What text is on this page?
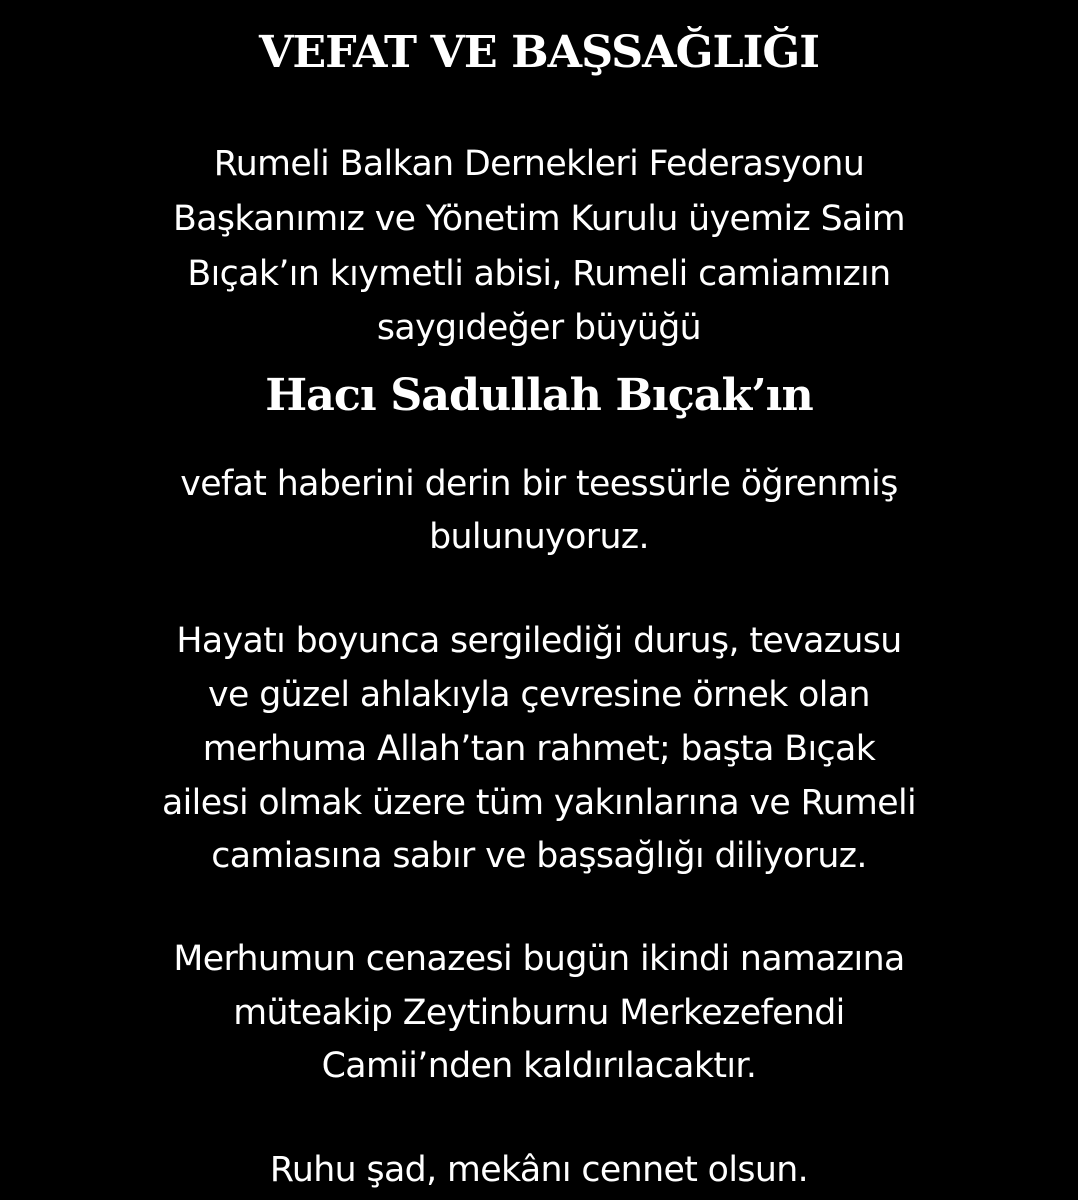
VEFAT VE BAŞSAĞLIĞI
Rumeli Balkan Dernekleri Federasyonu
Başkanımız ve Yönetim Kurulu üyemiz Saim
Bıçak’ın kıymetli abisi, Rumeli camiamızın
saygıdeğer büyüğü
Hacı Sadullah Bıçak’ın
vefat haberini derin bir teessürle öğrenmiş
bulunuyoruz.
Hayatı boyunca sergilediği duruş, tevazusu
ve güzel ahlakıyla çevresine örnek olan
merhuma Allah’tan rahmet; başta Bıçak
ailesi olmak üzere tüm yakınlarına ve Rumeli
camiasına sabır ve başsağlığı diliyoruz.
Merhumun cenazesi bugün ikindi namazına
müteakip Zeytinburnu Merkezefendi
Camii’nden kaldırılacaktır.
Ruhu şad, mekânı cennet olsun.
